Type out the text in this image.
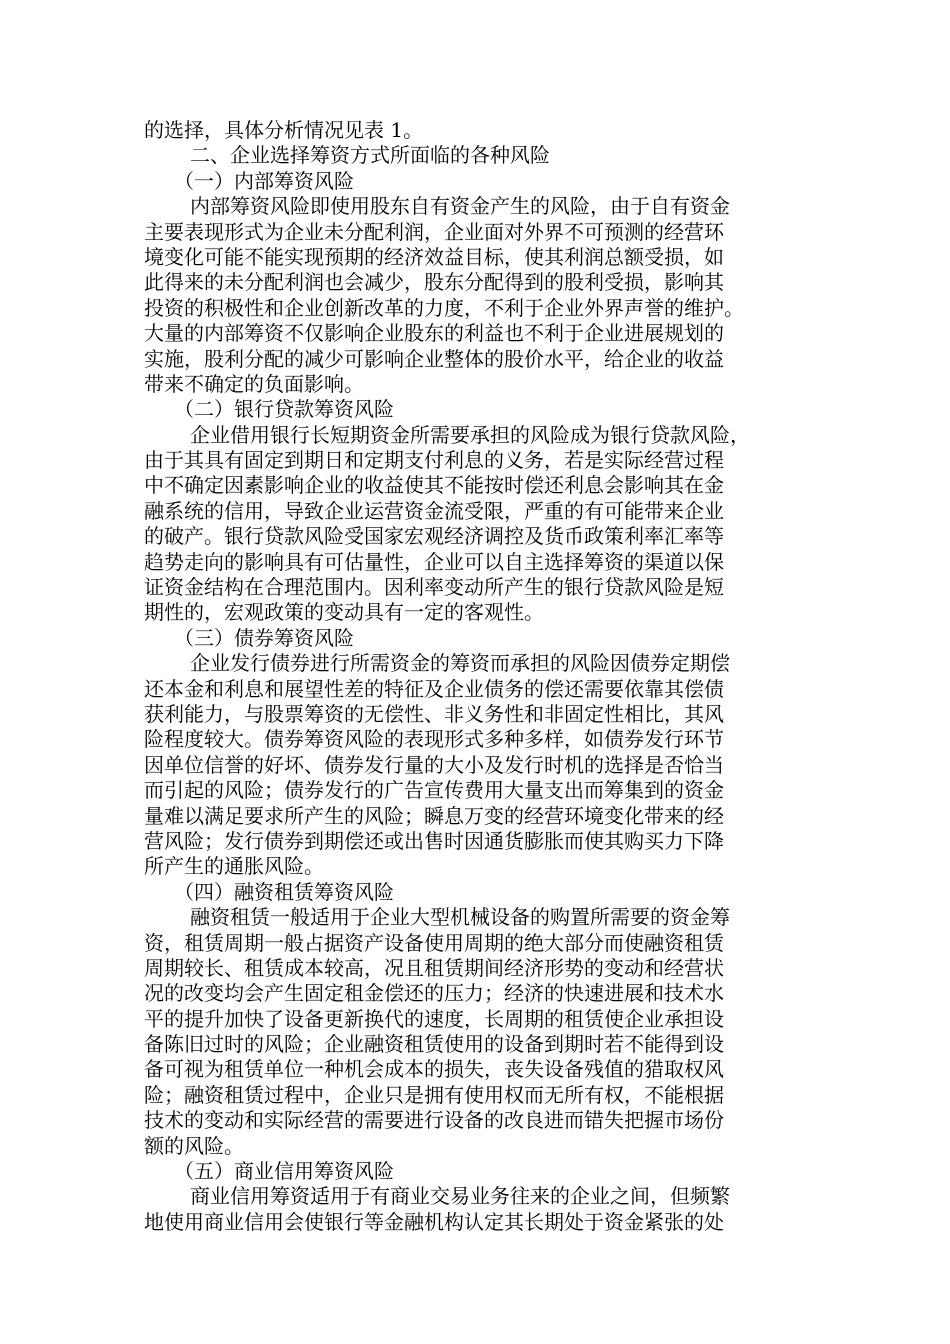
的选择，具体分析情况见表 1。
二、企业选择筹资方式所面临的各种风险
（一）内部筹资风险
内部筹资风险即使用股东自有资金产生的风险，由于自有资金
主要表现形式为企业未分配利润，企业面对外界不可预测的经营环
境变化可能不能实现预期的经济效益目标，使其利润总额受损，如
此得来的未分配利润也会减少，股东分配得到的股利受损，影响其
投资的积极性和企业创新改革的力度，不利于企业外界声誉的维护。
大量的内部筹资不仅影响企业股东的利益也不利于企业进展规划的
实施，股利分配的减少可影响企业整体的股价水平，给企业的收益
带来不确定的负面影响。
（二）银行贷款筹资风险
企业借用银行长短期资金所需要承担的风险成为银行贷款风险，
由于其具有固定到期日和定期支付利息的义务，若是实际经营过程
中不确定因素影响企业的收益使其不能按时偿还利息会影响其在金
融系统的信用，导致企业运营资金流受限，严重的有可能带来企业
的破产。银行贷款风险受国家宏观经济调控及货币政策利率汇率等
趋势走向的影响具有可估量性，企业可以自主选择筹资的渠道以保
证资金结构在合理范围内。因利率变动所产生的银行贷款风险是短
期性的，宏观政策的变动具有一定的客观性。
（三）债券筹资风险
企业发行债券进行所需资金的筹资而承担的风险因债券定期偿
还本金和利息和展望性差的特征及企业债务的偿还需要依靠其偿债
获利能力，与股票筹资的无偿性、非义务性和非固定性相比，其风
险程度较大。债券筹资风险的表现形式多种多样，如债券发行环节
因单位信誉的好坏、债券发行量的大小及发行时机的选择是否恰当
而引起的风险；债券发行的广告宣传费用大量支出而筹集到的资金
量难以满足要求所产生的风险；瞬息万变的经营环境变化带来的经
营风险；发行债券到期偿还或出售时因通货膨胀而使其购买力下降
所产生的通胀风险。
（四）融资租赁筹资风险
融资租赁一般适用于企业大型机械设备的购置所需要的资金筹
资，租赁周期一般占据资产设备使用周期的绝大部分而使融资租赁
周期较长、租赁成本较高，况且租赁期间经济形势的变动和经营状
况的改变均会产生固定租金偿还的压力；经济的快速进展和技术水
平的提升加快了设备更新换代的速度，长周期的租赁使企业承担设
备陈旧过时的风险；企业融资租赁使用的设备到期时若不能得到设
备可视为租赁单位一种机会成本的损失，丧失设备残值的猎取权风
险；融资租赁过程中，企业只是拥有使用权而无所有权，不能根据
技术的变动和实际经营的需要进行设备的改良进而错失把握市场份
额的风险。
（五）商业信用筹资风险
商业信用筹资适用于有商业交易业务往来的企业之间，但频繁
地使用商业信用会使银行等金融机构认定其长期处于资金紧张的处
